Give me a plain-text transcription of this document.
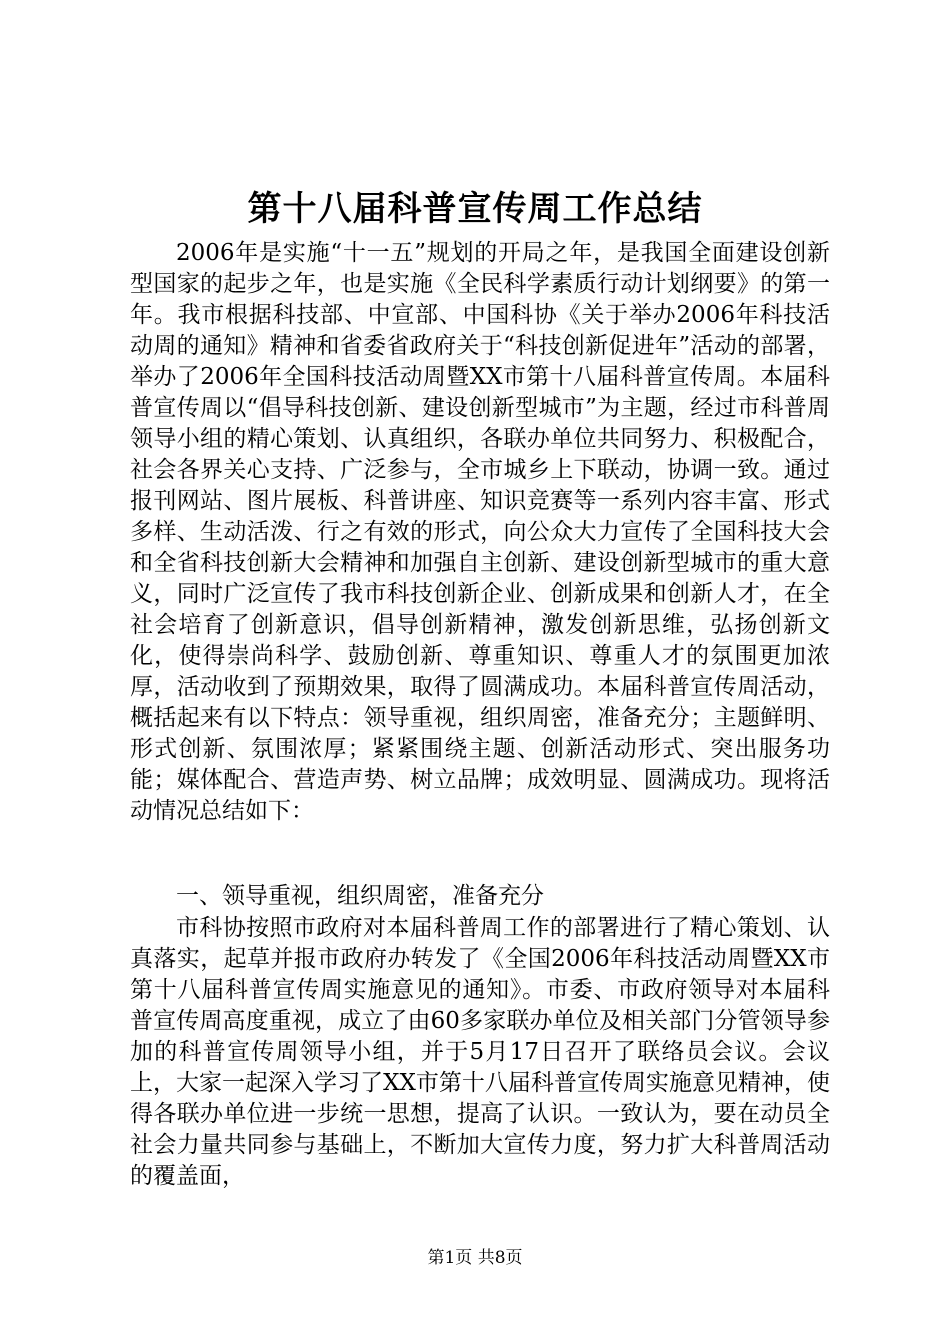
第十八届科普宣传周工作总结

2006年是实施“十一五”规划的开局之年，是我国全面建设创新型国家的起步之年，也是实施《全民科学素质行动计划纲要》的第一年。我市根据科技部、中宣部、中国科协《关于举办2006年科技活动周的通知》精神和省委省政府关于“科技创新促进年”活动的部署，举办了2006年全国科技活动周暨XX市第十八届科普宣传周。本届科普宣传周以“倡导科技创新、建设创新型城市”为主题，经过市科普周领导小组的精心策划、认真组织，各联办单位共同努力、积极配合，社会各界关心支持、广泛参与，全市城乡上下联动，协调一致。通过报刊网站、图片展板、科普讲座、知识竞赛等一系列内容丰富、形式多样、生动活泼、行之有效的形式，向公众大力宣传了全国科技大会和全省科技创新大会精神和加强自主创新、建设创新型城市的重大意义，同时广泛宣传了我市科技创新企业、创新成果和创新人才，在全社会培育了创新意识，倡导创新精神，激发创新思维，弘扬创新文化，使得崇尚科学、鼓励创新、尊重知识、尊重人才的氛围更加浓厚，活动收到了预期效果，取得了圆满成功。本届科普宣传周活动，概括起来有以下特点：领导重视，组织周密，准备充分；主题鲜明、形式创新、氛围浓厚；紧紧围绕主题、创新活动形式、突出服务功能；媒体配合、营造声势、树立品牌；成效明显、圆满成功。现将活动情况总结如下：

一、领导重视，组织周密，准备充分

市科协按照市政府对本届科普周工作的部署进行了精心策划、认真落实，起草并报市政府办转发了《全国2006年科技活动周暨XX市第十八届科普宣传周实施意见的通知》。市委、市政府领导对本届科普宣传周高度重视，成立了由60多家联办单位及相关部门分管领导参加的科普宣传周领导小组，并于5月17日召开了联络员会议。会议上，大家一起深入学习了XX市第十八届科普宣传周实施意见精神，使得各联办单位进一步统一思想，提高了认识。一致认为，要在动员全社会力量共同参与基础上，不断加大宣传力度，努力扩大科普周活动的覆盖面，

第1页 共8页
